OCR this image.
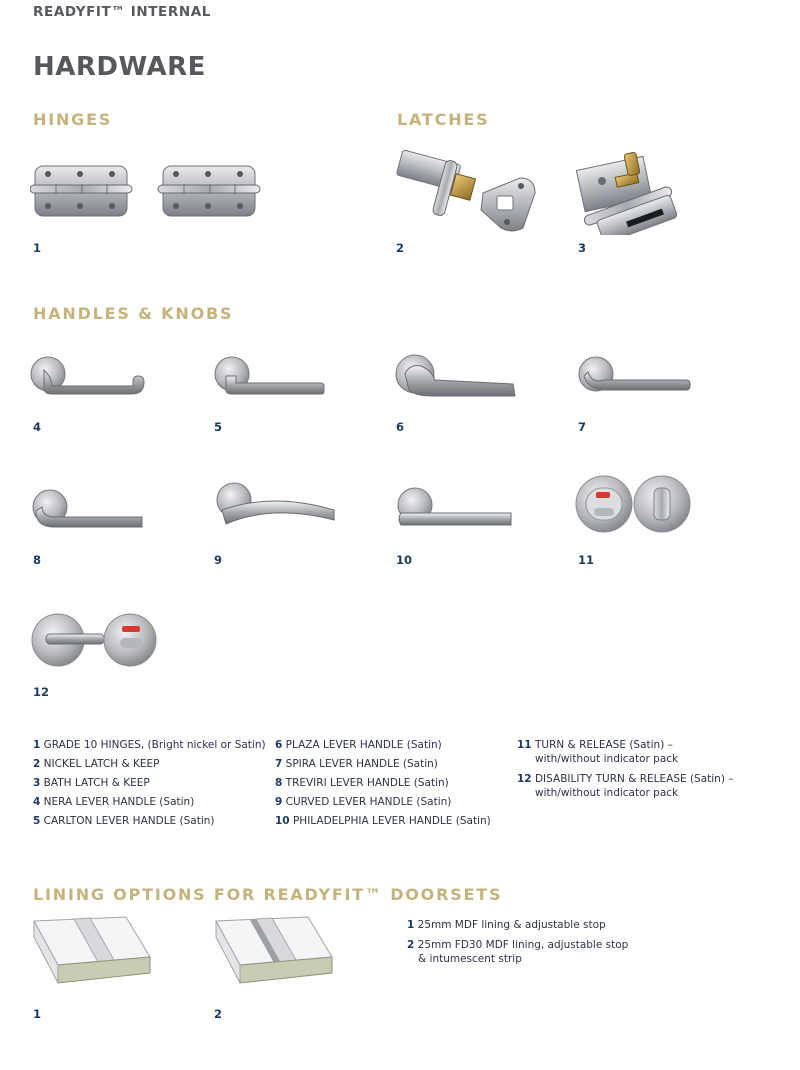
READYFIT™ INTERNAL
HARDWARE
HINGES	LATCHES
1	2	3
HANDLES & KNOBS
4	5	6	7
8	9	10	11
12
1 GRADE 10 HINGES, (Bright nickel or Satin)
2 NICKEL LATCH & KEEP
3 BATH LATCH & KEEP
4 NERA LEVER HANDLE (Satin)
5 CARLTON LEVER HANDLE (Satin)
6 PLAZA LEVER HANDLE (Satin)
7 SPIRA LEVER HANDLE (Satin)
8 TREVIRI LEVER HANDLE (Satin)
9 CURVED LEVER HANDLE (Satin)
10 PHILADELPHIA LEVER HANDLE (Satin)
11 TURN & RELEASE (Satin) –
with/without indicator pack
12 DISABILITY TURN & RELEASE (Satin) –
with/without indicator pack
LINING OPTIONS FOR READYFIT™ DOORSETS
1	2
1 25mm MDF lining & adjustable stop
2 25mm FD30 MDF lining, adjustable stop
& intumescent strip
